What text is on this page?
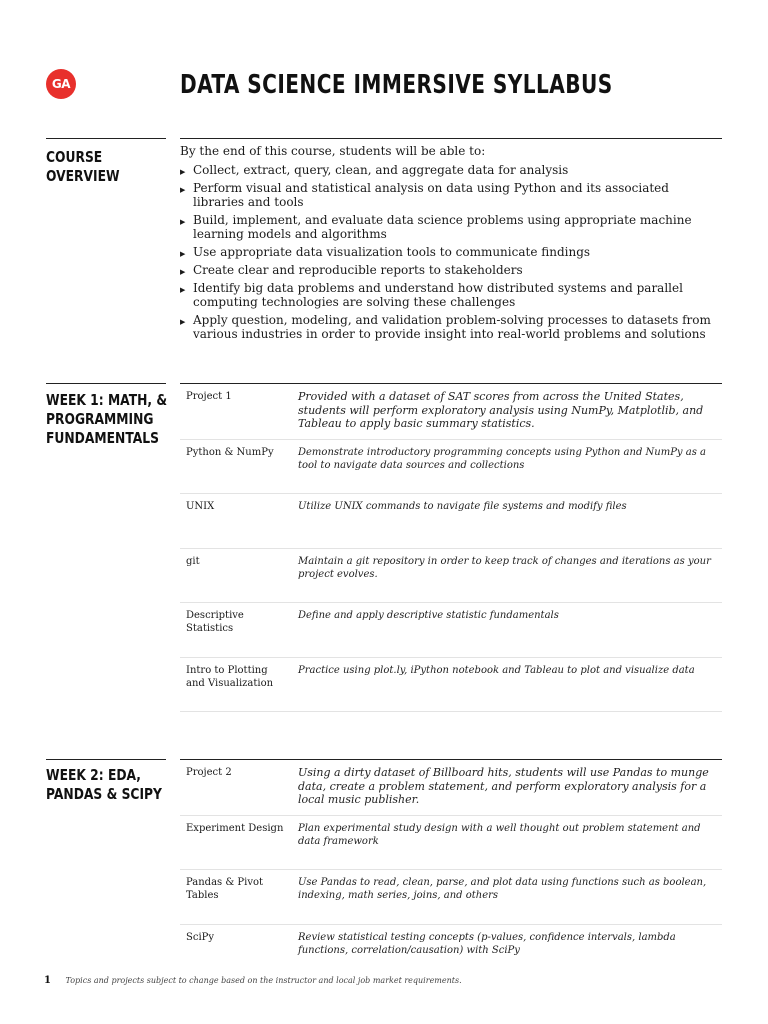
GA	DATA SCIENCE IMMERSIVE SYLLABUS
COURSE
OVERVIEW
By the end of this course, students will be able to:
▶ Collect, extract, query, clean, and aggregate data for analysis
▶ Perform visual and statistical analysis on data using Python and its associated libraries and tools
▶ Build, implement, and evaluate data science problems using appropriate machine learning models and algorithms
▶ Use appropriate data visualization tools to communicate findings
▶ Create clear and reproducible reports to stakeholders
▶ Identify big data problems and understand how distributed systems and parallel computing technologies are solving these challenges
▶ Apply question, modeling, and validation problem-solving processes to datasets from various industries in order to provide insight into real-world problems and solutions
WEEK 1: MATH, &
PROGRAMMING
FUNDAMENTALS
Project 1	Provided with a dataset of SAT scores from across the United States, students will perform exploratory analysis using NumPy, Matplotlib, and Tableau to apply basic summary statistics.
Python & NumPy	Demonstrate introductory programming concepts using Python and NumPy as a tool to navigate data sources and collections
UNIX	Utilize UNIX commands to navigate file systems and modify files
git	Maintain a git repository in order to keep track of changes and iterations as your project evolves.
Descriptive Statistics	Define and apply descriptive statistic fundamentals
Intro to Plotting and Visualization	Practice using plot.ly, iPython notebook and Tableau to plot and visualize data
WEEK 2: EDA,
PANDAS & SCIPY
Project 2	Using a dirty dataset of Billboard hits, students will use Pandas to munge data, create a problem statement, and perform exploratory analysis for a local music publisher.
Experiment Design	Plan experimental study design with a well thought out problem statement and data framework
Pandas & Pivot Tables	Use Pandas to read, clean, parse, and plot data using functions such as boolean, indexing, math series, joins, and others
SciPy	Review statistical testing concepts (p-values, confidence intervals, lambda functions, correlation/causation) with SciPy
1 Topics and projects subject to change based on the instructor and local job market requirements.
